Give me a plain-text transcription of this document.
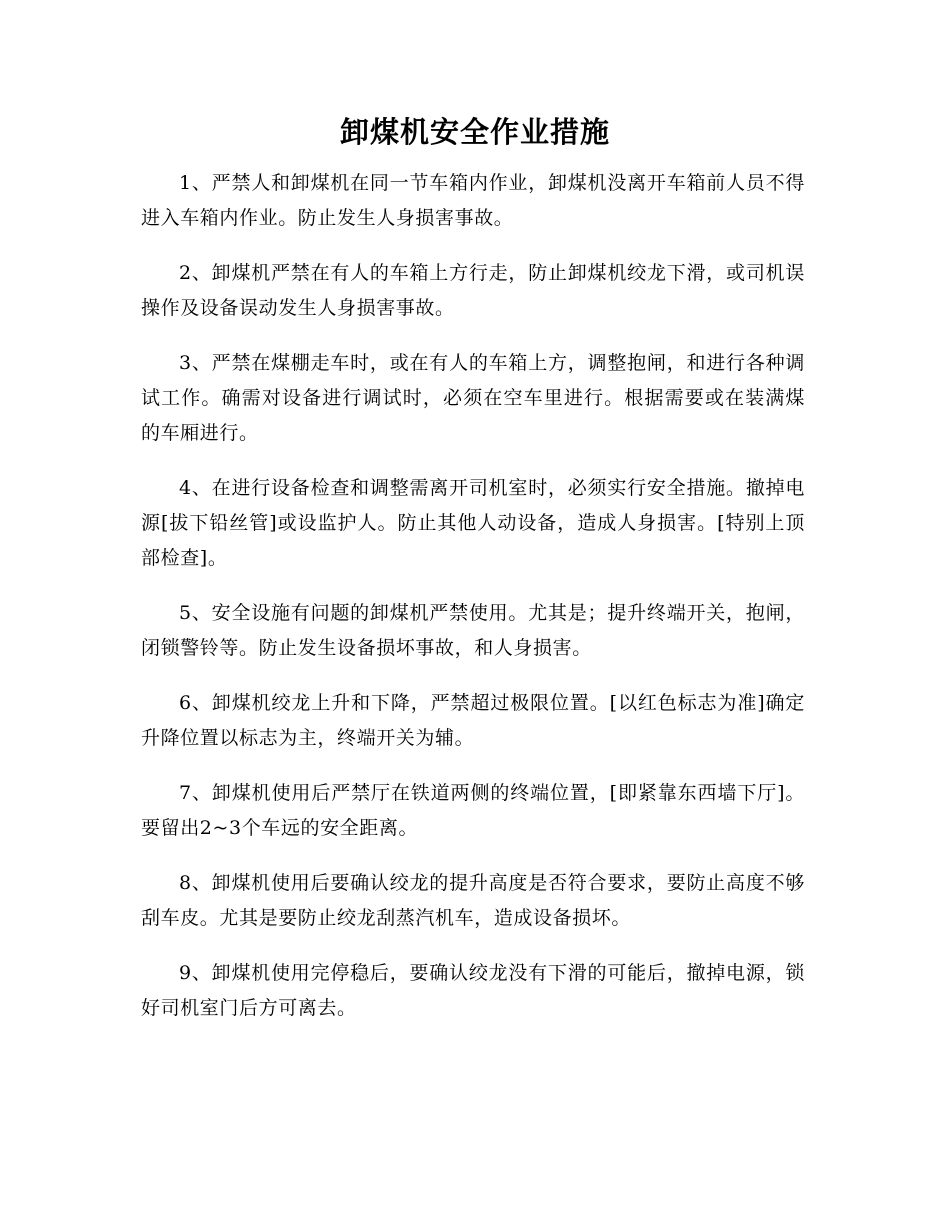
卸煤机安全作业措施

1、严禁人和卸煤机在同一节车箱内作业，卸煤机没离开车箱前人员不得进入车箱内作业。防止发生人身损害事故。

2、卸煤机严禁在有人的车箱上方行走，防止卸煤机绞龙下滑，或司机误操作及设备误动发生人身损害事故。

3、严禁在煤棚走车时，或在有人的车箱上方，调整抱闸，和进行各种调试工作。确需对设备进行调试时，必须在空车里进行。根据需要或在装满煤的车厢进行。

4、在进行设备检查和调整需离开司机室时，必须实行安全措施。撤掉电源[拔下铅丝管]或设监护人。防止其他人动设备，造成人身损害。[特别上顶部检查]。

5、安全设施有问题的卸煤机严禁使用。尤其是；提升终端开关，抱闸，闭锁警铃等。防止发生设备损坏事故，和人身损害。

6、卸煤机绞龙上升和下降，严禁超过极限位置。[以红色标志为准]确定升降位置以标志为主，终端开关为辅。

7、卸煤机使用后严禁厅在铁道两侧的终端位置，[即紧靠东西墙下厅]。要留出2~3个车远的安全距离。

8、卸煤机使用后要确认绞龙的提升高度是否符合要求，要防止高度不够刮车皮。尤其是要防止绞龙刮蒸汽机车，造成设备损坏。

9、卸煤机使用完停稳后，要确认绞龙没有下滑的可能后，撤掉电源，锁好司机室门后方可离去。
